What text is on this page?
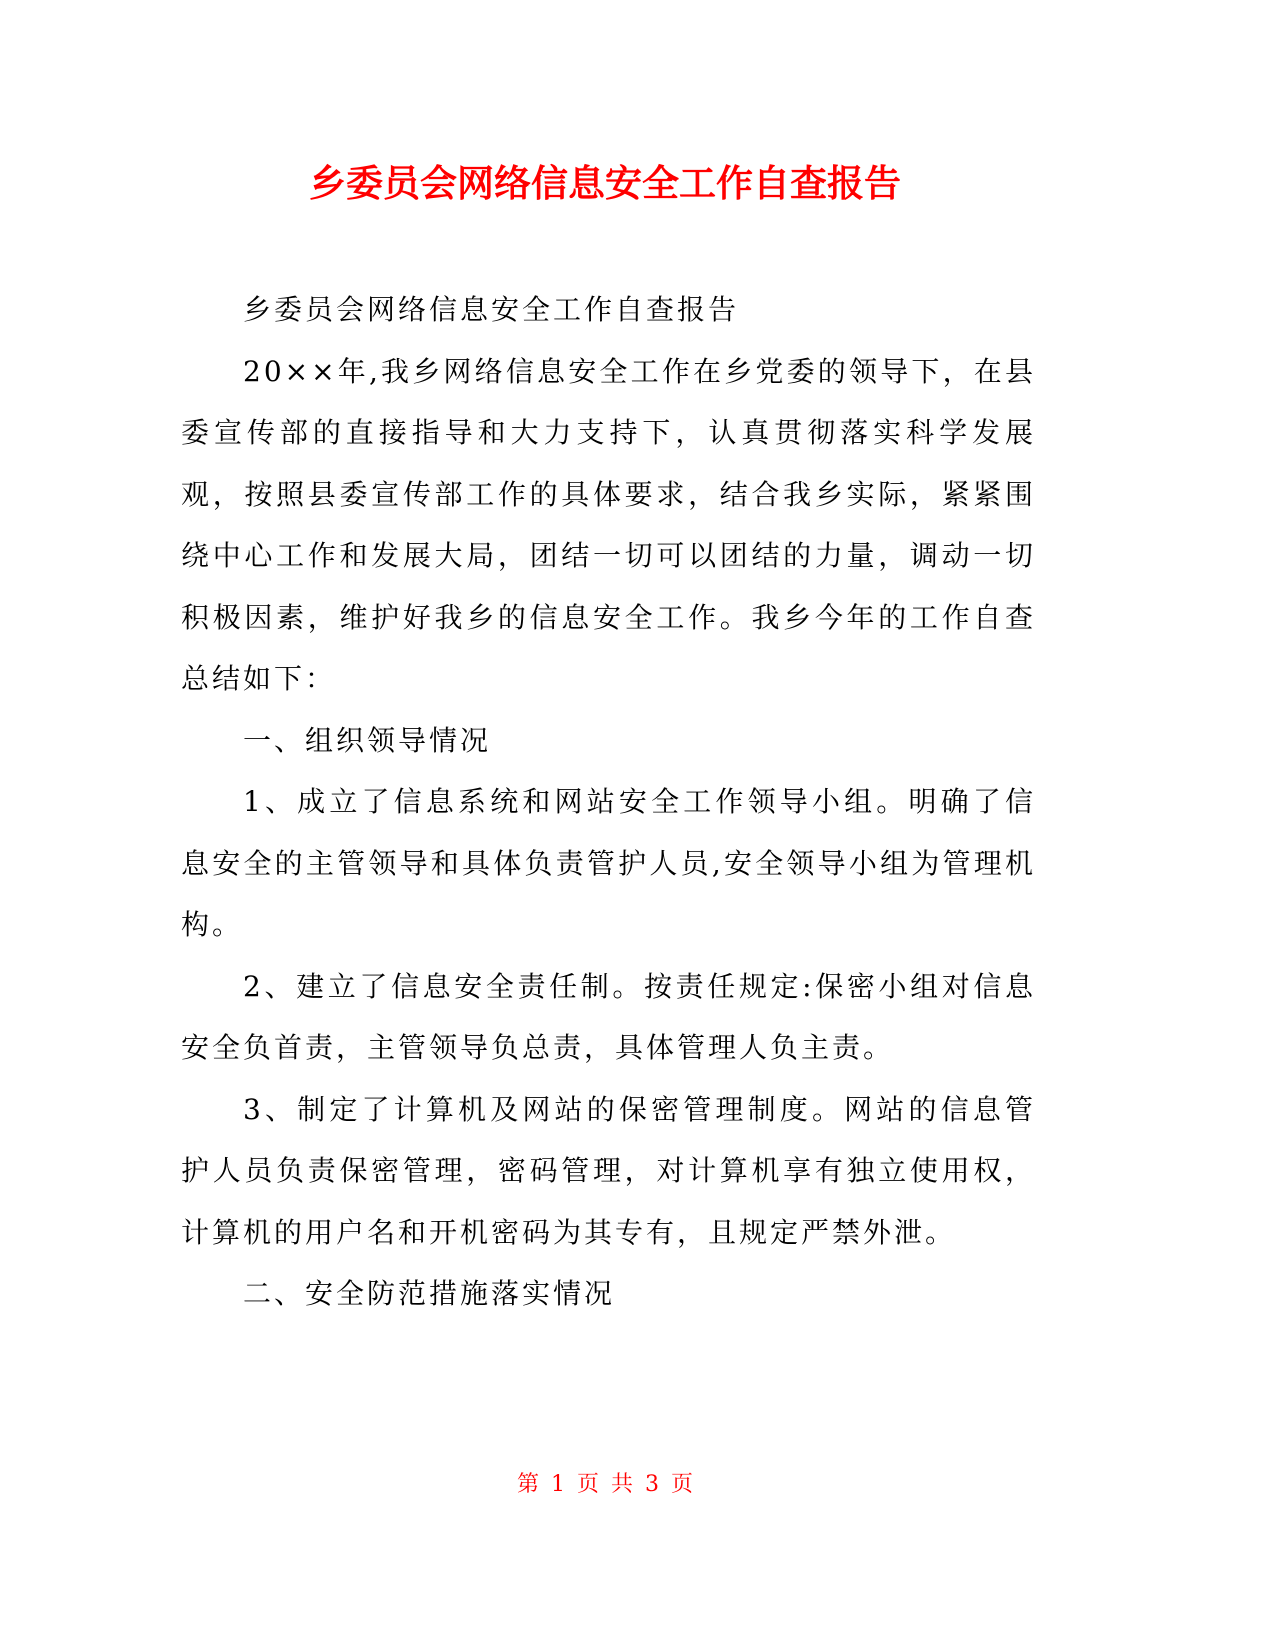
乡委员会网络信息安全工作自查报告

乡委员会网络信息安全工作自查报告

20××年,我乡网络信息安全工作在乡党委的领导下，在县委宣传部的直接指导和大力支持下，认真贯彻落实科学发展观，按照县委宣传部工作的具体要求，结合我乡实际，紧紧围绕中心工作和发展大局，团结一切可以团结的力量，调动一切积极因素，维护好我乡的信息安全工作。我乡今年的工作自查总结如下：

一、组织领导情况

1、成立了信息系统和网站安全工作领导小组。明确了信息安全的主管领导和具体负责管护人员,安全领导小组为管理机构。

2、建立了信息安全责任制。按责任规定:保密小组对信息安全负首责，主管领导负总责，具体管理人负主责。

3、制定了计算机及网站的保密管理制度。网站的信息管护人员负责保密管理，密码管理，对计算机享有独立使用权，计算机的用户名和开机密码为其专有，且规定严禁外泄。

二、安全防范措施落实情况

第 1 页 共 3 页
